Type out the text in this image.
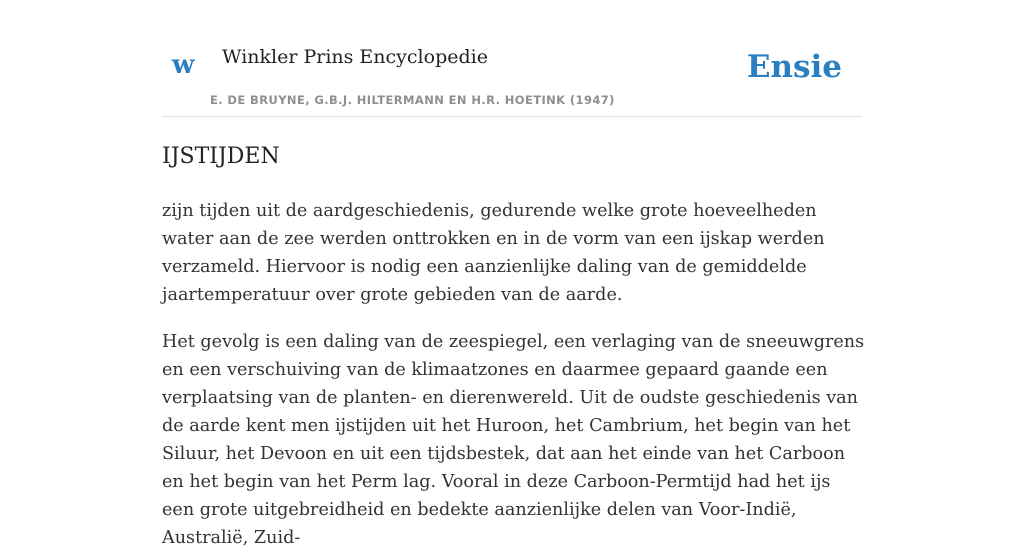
w Winkler Prins Encyclopedie
E. DE BRUYNE, G.B.J. HILTERMANN EN H.R. HOETINK (1947)
Ensie
IJSTIJDEN

zijn tijden uit de aardgeschiedenis, gedurende welke grote hoeveelheden water aan de zee werden onttrokken en in de vorm van een ijskap werden verzameld. Hiervoor is nodig een aanzienlijke daling van de gemiddelde jaartemperatuur over grote gebieden van de aarde.

Het gevolg is een daling van de zeespiegel, een verlaging van de sneeuwgrens en een verschuiving van de klimaatzones en daarmee gepaard gaande een verplaatsing van de planten- en dierenwereld. Uit de oudste geschiedenis van de aarde kent men ijstijden uit het Huroon, het Cambrium, het begin van het Siluur, het Devoon en uit een tijdsbestek, dat aan het einde van het Carboon en het begin van het Perm lag. Vooral in deze Carboon-Permtijd had het ijs een grote uitgebreidheid en bedekte aanzienlijke delen van Voor-Indië, Australië, Zuid-
